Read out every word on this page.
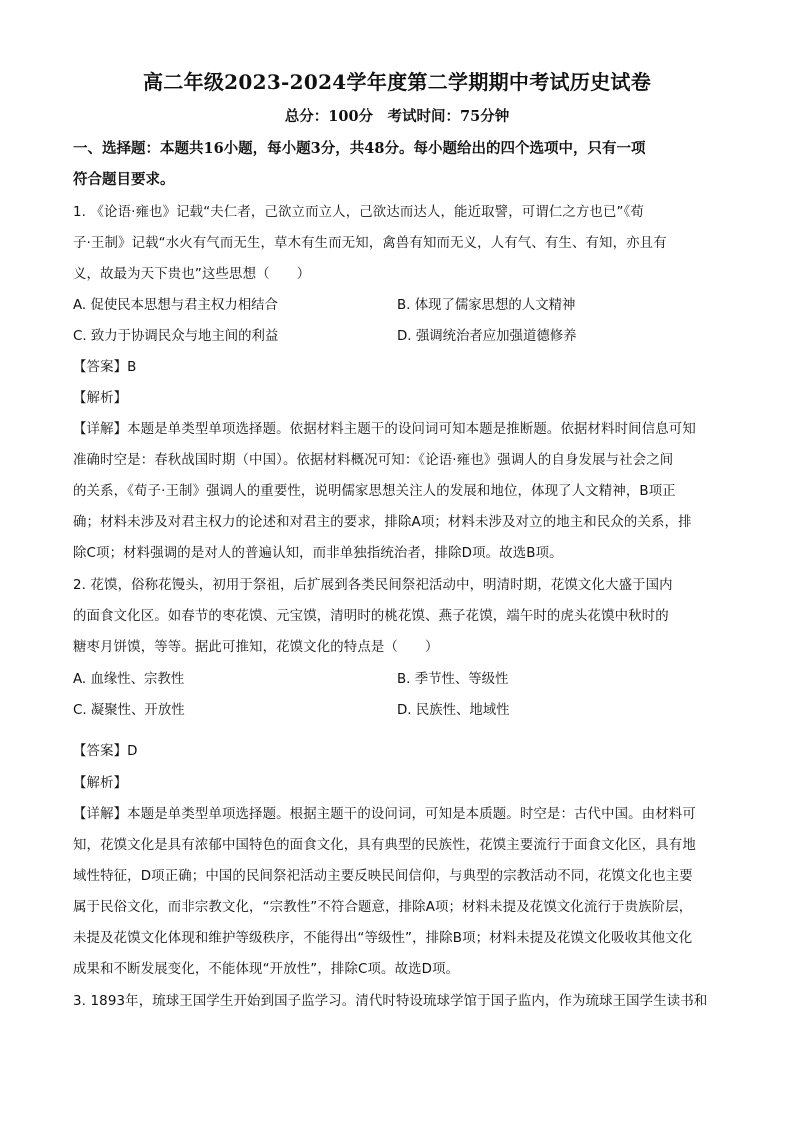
高二年级2023-2024学年度第二学期期中考试历史试卷
总分：100分　考试时间：75分钟
一、选择题：本题共16小题，每小题3分，共48分。每小题给出的四个选项中，只有一项
符合题目要求。
1. 《论语·雍也》记载“夫仁者，己欲立而立人，己欲达而达人，能近取譬，可谓仁之方也已”《荀
子·王制》记载“水火有气而无生，草木有生而无知，禽兽有知而无义，人有气、有生、有知，亦且有
义，故最为天下贵也”这些思想（　　）
A. 促使民本思想与君主权力相结合	B. 体现了儒家思想的人文精神
C. 致力于协调民众与地主间的利益	D. 强调统治者应加强道德修养
【答案】B
【解析】
【详解】本题是单类型单项选择题。依据材料主题干的设问词可知本题是推断题。依据材料时间信息可知
准确时空是：春秋战国时期（中国）。依据材料概况可知：《论语·雍也》强调人的自身发展与社会之间
的关系，《荀子·王制》强调人的重要性，说明儒家思想关注人的发展和地位，体现了人文精神，B项正
确；材料未涉及对君主权力的论述和对君主的要求，排除A项；材料未涉及对立的地主和民众的关系，排
除C项；材料强调的是对人的普遍认知，而非单独指统治者，排除D项。故选B项。
2. 花馍，俗称花馒头，初用于祭祖，后扩展到各类民间祭祀活动中，明清时期，花馍文化大盛于国内
的面食文化区。如春节的枣花馍、元宝馍，清明时的桃花馍、燕子花馍，端午时的虎头花馍中秋时的
糖枣月饼馍，等等。据此可推知，花馍文化的特点是（　　）
A. 血缘性、宗教性	B. 季节性、等级性
C. 凝聚性、开放性	D. 民族性、地域性
【答案】D
【解析】
【详解】本题是单类型单项选择题。根据主题干的设问词，可知是本质题。时空是：古代中国。由材料可
知，花馍文化是具有浓郁中国特色的面食文化，具有典型的民族性，花馍主要流行于面食文化区，具有地
域性特征，D项正确；中国的民间祭祀活动主要反映民间信仰，与典型的宗教活动不同，花馍文化也主要
属于民俗文化，而非宗教文化，“宗教性”不符合题意，排除A项；材料未提及花馍文化流行于贵族阶层，
未提及花馍文化体现和维护等级秩序，不能得出“等级性”，排除B项；材料未提及花馍文化吸收其他文化
成果和不断发展变化，不能体现“开放性”，排除C项。故选D项。
3. 1893年，琉球王国学生开始到国子监学习。清代时特设琉球学馆于国子监内，作为琉球王国学生读书和
